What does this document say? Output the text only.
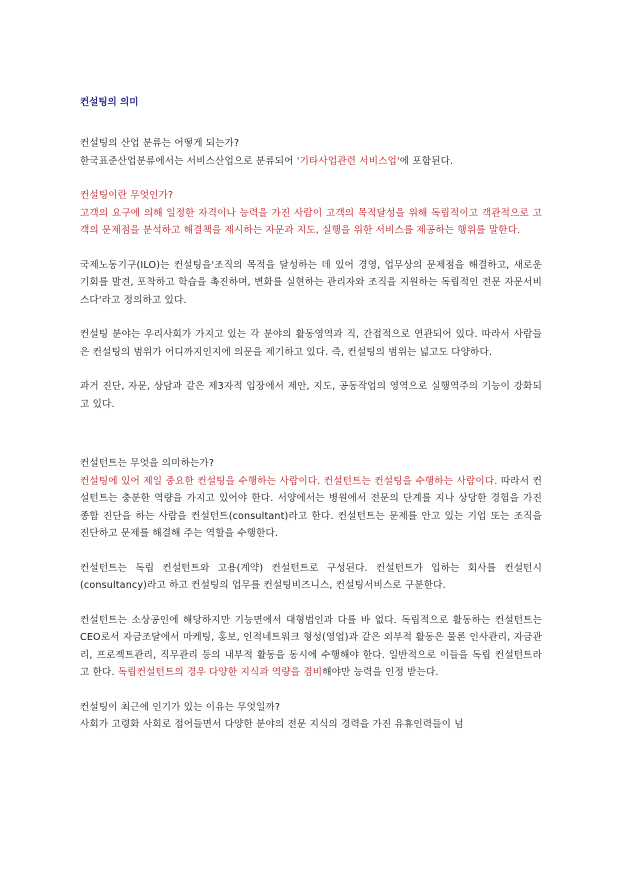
컨설팅의 의미

컨설팅의 산업 분류는 어떻게 되는가?

한국표준산업분류에서는 서비스산업으로 분류되어 '기타사업관련 서비스업'에 포함된다.

컨설팅이란 무엇인가?

고객의 요구에 의해 일정한 자격이나 능력을 가진 사람이 고객의 목적달성을 위해 독립적이고 객관적으로 고객의 문제점을 분석하고 해결책을 제시하는 자문과 지도, 실행을 위한 서비스를 제공하는 행위를 말한다.

국제노동기구(ILO)는 컨설팅을'조직의 목적을 달성하는 데 있어 경영, 업무상의 문제점을 해결하고, 새로운 기회를 발견, 포착하고 학습을 촉진하며, 변화를 실현하는 관리자와 조직을 지원하는 독립적인 전문 자문서비스다'라고 정의하고 있다.

컨설팅 분야는 우리사회가 가지고 있는 각 분야의 활동영역과 직, 간접적으로 연관되어 있다. 따라서 사람들은 컨설팅의 범위가 어디까지인지에 의문을 제기하고 있다. 즉, 컨설팅의 범위는 넓고도 다양하다.

과거 진단, 자문, 상담과 같은 제3자적 입장에서 제안, 지도, 공동작업의 영역으로 실행역주의 기능이 강화되고 있다.

컨설턴트는 무엇을 의미하는가?

컨설팅에 있어 제일 중요한 컨설팅을 수행하는 사람이다. 컨설턴트는 컨설팅을 수행하는 사람이다. 따라서 컨설턴트는 충분한 역량을 가지고 있어야 한다. 서양에서는 병원에서 전문의 단계를 지나 상당한 경험을 가진 종합 진단을 하는 사람을 컨설턴트(consultant)라고 한다. 컨설턴트는 문제를 안고 있는 기업 또는 조직을 진단하고 문제를 해결해 주는 역할을 수행한다.

컨설턴트는 독립 컨설턴트와 고용(계약) 컨설턴트로 구성된다. 컨설턴트가 입하는 회사를 컨설턴시(consultancy)라고 하고 컨설팅의 업무를 컨설팅비즈니스, 컨설팅서비스로 구분한다.

컨설턴트는 소상공인에 해당하지만 기능면에서 대형법인과 다를 바 없다. 독립적으로 활동하는 컨설턴트는 CEO로서 자금조달에서 마케팅, 홍보, 인적네트워크 형성(영업)과 같은 외부적 활동은 물론 인사관리, 자금관리, 프로젝트관리, 직무관리 등의 내부적 활동을 동시에 수행해야 한다. 일반적으로 이들을 독립 컨설턴트라고 한다. 독립컨설턴트의 경우 다양한 지식과 역량을 겸비해야만 능력을 인정 받는다.

컨설팅이 최근에 인기가 있는 이유는 무엇일까?

사회가 고령화 사회로 접어들면서 다양한 분야의 전문 지식의 경력을 가진 유휴인력들이 넘
